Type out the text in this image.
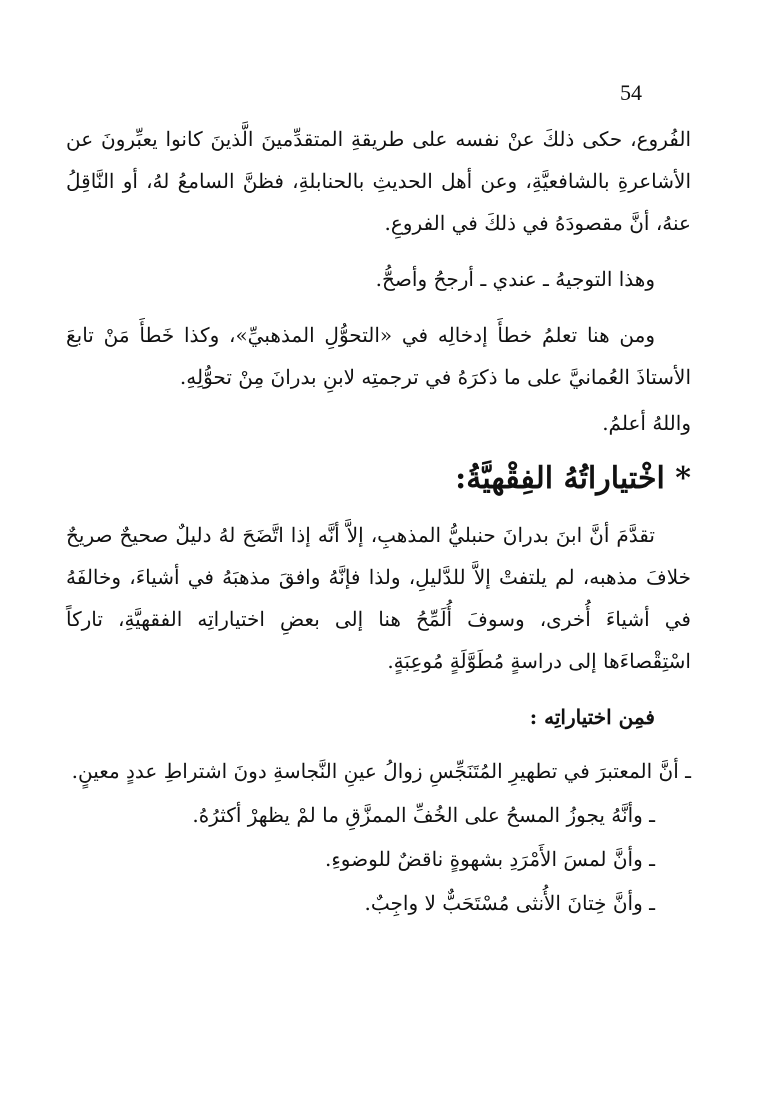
54

الفُروع، حكى ذلكَ عنْ نفسه على طريقةِ المتقدِّمينَ الَّذينَ كانوا يعبِّرونَ عن الأشاعرةِ بالشافعيَّةِ، وعن أهل الحديثِ بالحنابلةِ، فظنَّ السامعُ لهُ، أو النَّاقِلُ عنهُ، أنَّ مقصودَهُ في ذلكَ في الفروعِ.

وهذا التوجيهُ ـ عندي ـ أرجحُ وأصحُّ.

ومن هنا تعلمُ خطأَ إدخالِه في «التحوُّلِ المذهبيِّ»، وكذا خَطأَ مَنْ تابعَ الأستاذَ العُمانيَّ على ما ذكرَهُ في ترجمتِه لابنِ بدرانَ مِنْ تحوُّلِهِ.

واللهُ أعلمُ.

* اخْتياراتُهُ الفِقْهيَّةُ:

تقدَّمَ أنَّ ابنَ بدرانَ حنبليُّ المذهبِ، إلاَّ أنَّه إذا اتَّضَحَ لهُ دليلٌ صحيحٌ صريحٌ خلافَ مذهبه، لم يلتفتْ إلاَّ للدَّليلِ، ولذا فإنَّهُ وافقَ مذهبَهُ في أشياءَ، وخالفَهُ في أشياءَ أُخرى، وسوفَ أُلَمِّحُ هنا إلى بعضِ اختياراتِه الفقهيَّةِ، تاركاً اسْتِقْصاءَها إلى دراسةٍ مُطَوَّلَةٍ مُوعِبَةٍ.

فمِن اختياراتِه :

ـ أنَّ المعتبرَ في تطهيرِ المُتَنَجِّسِ زوالُ عينِ النَّجاسةِ دونَ اشتراطِ عددٍ معينٍ.

ـ وأنَّهُ يجوزُ المسحُ على الخُفِّ الممزَّقِ ما لمْ يظهرْ أكثرُهُ.

ـ وأنَّ لمسَ الأَمْرَدِ بشهوةٍ ناقضٌ للوضوءِ.

ـ وأنَّ خِتانَ الأُنثى مُسْتَحَبٌّ لا واجِبٌ.
